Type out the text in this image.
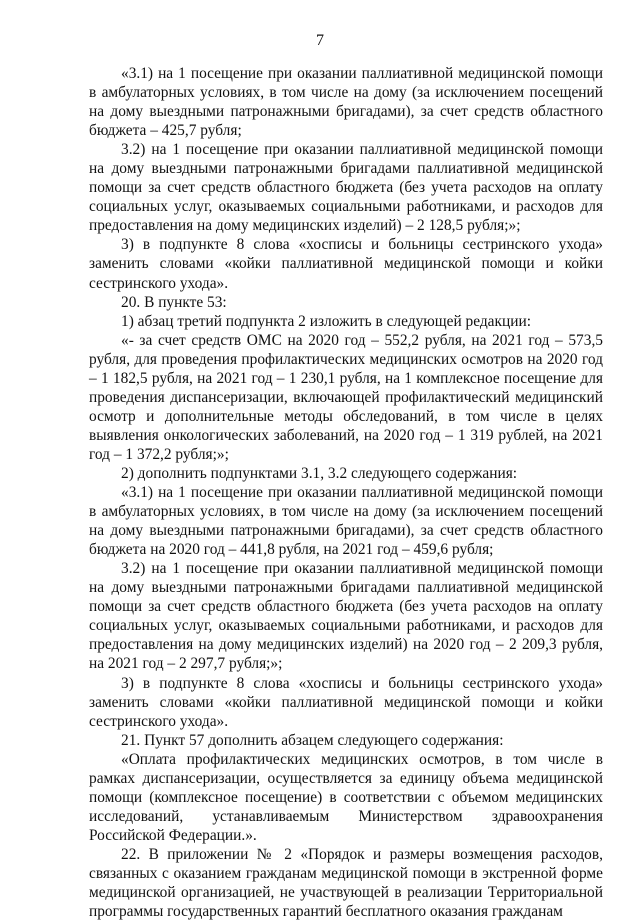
7

«3.1) на 1 посещение при оказании паллиативной медицинской помощи в амбулаторных условиях, в том числе на дому (за исключением посещений на дому выездными патронажными бригадами), за счет средств областного бюджета – 425,7 рубля;

3.2) на 1 посещение при оказании паллиативной медицинской помощи на дому выездными патронажными бригадами паллиативной медицинской помощи за счет средств областного бюджета (без учета расходов на оплату социальных услуг, оказываемых социальными работниками, и расходов для предоставления на дому медицинских изделий) – 2 128,5 рубля;»;

3) в подпункте 8 слова «хосписы и больницы сестринского ухода» заменить словами «койки паллиативной медицинской помощи и койки сестринского ухода».

20. В пункте 53:

1) абзац третий подпункта 2 изложить в следующей редакции:

«- за счет средств ОМС на 2020 год – 552,2 рубля, на 2021 год – 573,5 рубля, для проведения профилактических медицинских осмотров на 2020 год – 1 182,5 рубля, на 2021 год – 1 230,1 рубля, на 1 комплексное посещение для проведения диспансеризации, включающей профилактический медицинский осмотр и дополнительные методы обследований, в том числе в целях выявления онкологических заболеваний, на 2020 год – 1 319 рублей, на 2021 год – 1 372,2 рубля;»;

2) дополнить подпунктами 3.1, 3.2 следующего содержания:

«3.1) на 1 посещение при оказании паллиативной медицинской помощи в амбулаторных условиях, в том числе на дому (за исключением посещений на дому выездными патронажными бригадами), за счет средств областного бюджета на 2020 год – 441,8 рубля, на 2021 год – 459,6 рубля;

3.2) на 1 посещение при оказании паллиативной медицинской помощи на дому выездными патронажными бригадами паллиативной медицинской помощи за счет средств областного бюджета (без учета расходов на оплату социальных услуг, оказываемых социальными работниками, и расходов для предоставления на дому медицинских изделий) на 2020 год – 2 209,3 рубля, на 2021 год – 2 297,7 рубля;»;

3) в подпункте 8 слова «хосписы и больницы сестринского ухода» заменить словами «койки паллиативной медицинской помощи и койки сестринского ухода».

21. Пункт 57 дополнить абзацем следующего содержания:

«Оплата профилактических медицинских осмотров, в том числе в рамках диспансеризации, осуществляется за единицу объема медицинской помощи (комплексное посещение) в соответствии с объемом медицинских исследований, устанавливаемым Министерством здравоохранения Российской Федерации.».

22. В приложении № 2 «Порядок и размеры возмещения расходов, связанных с оказанием гражданам медицинской помощи в экстренной форме медицинской организацией, не участвующей в реализации Территориальной программы государственных гарантий бесплатного оказания гражданам
